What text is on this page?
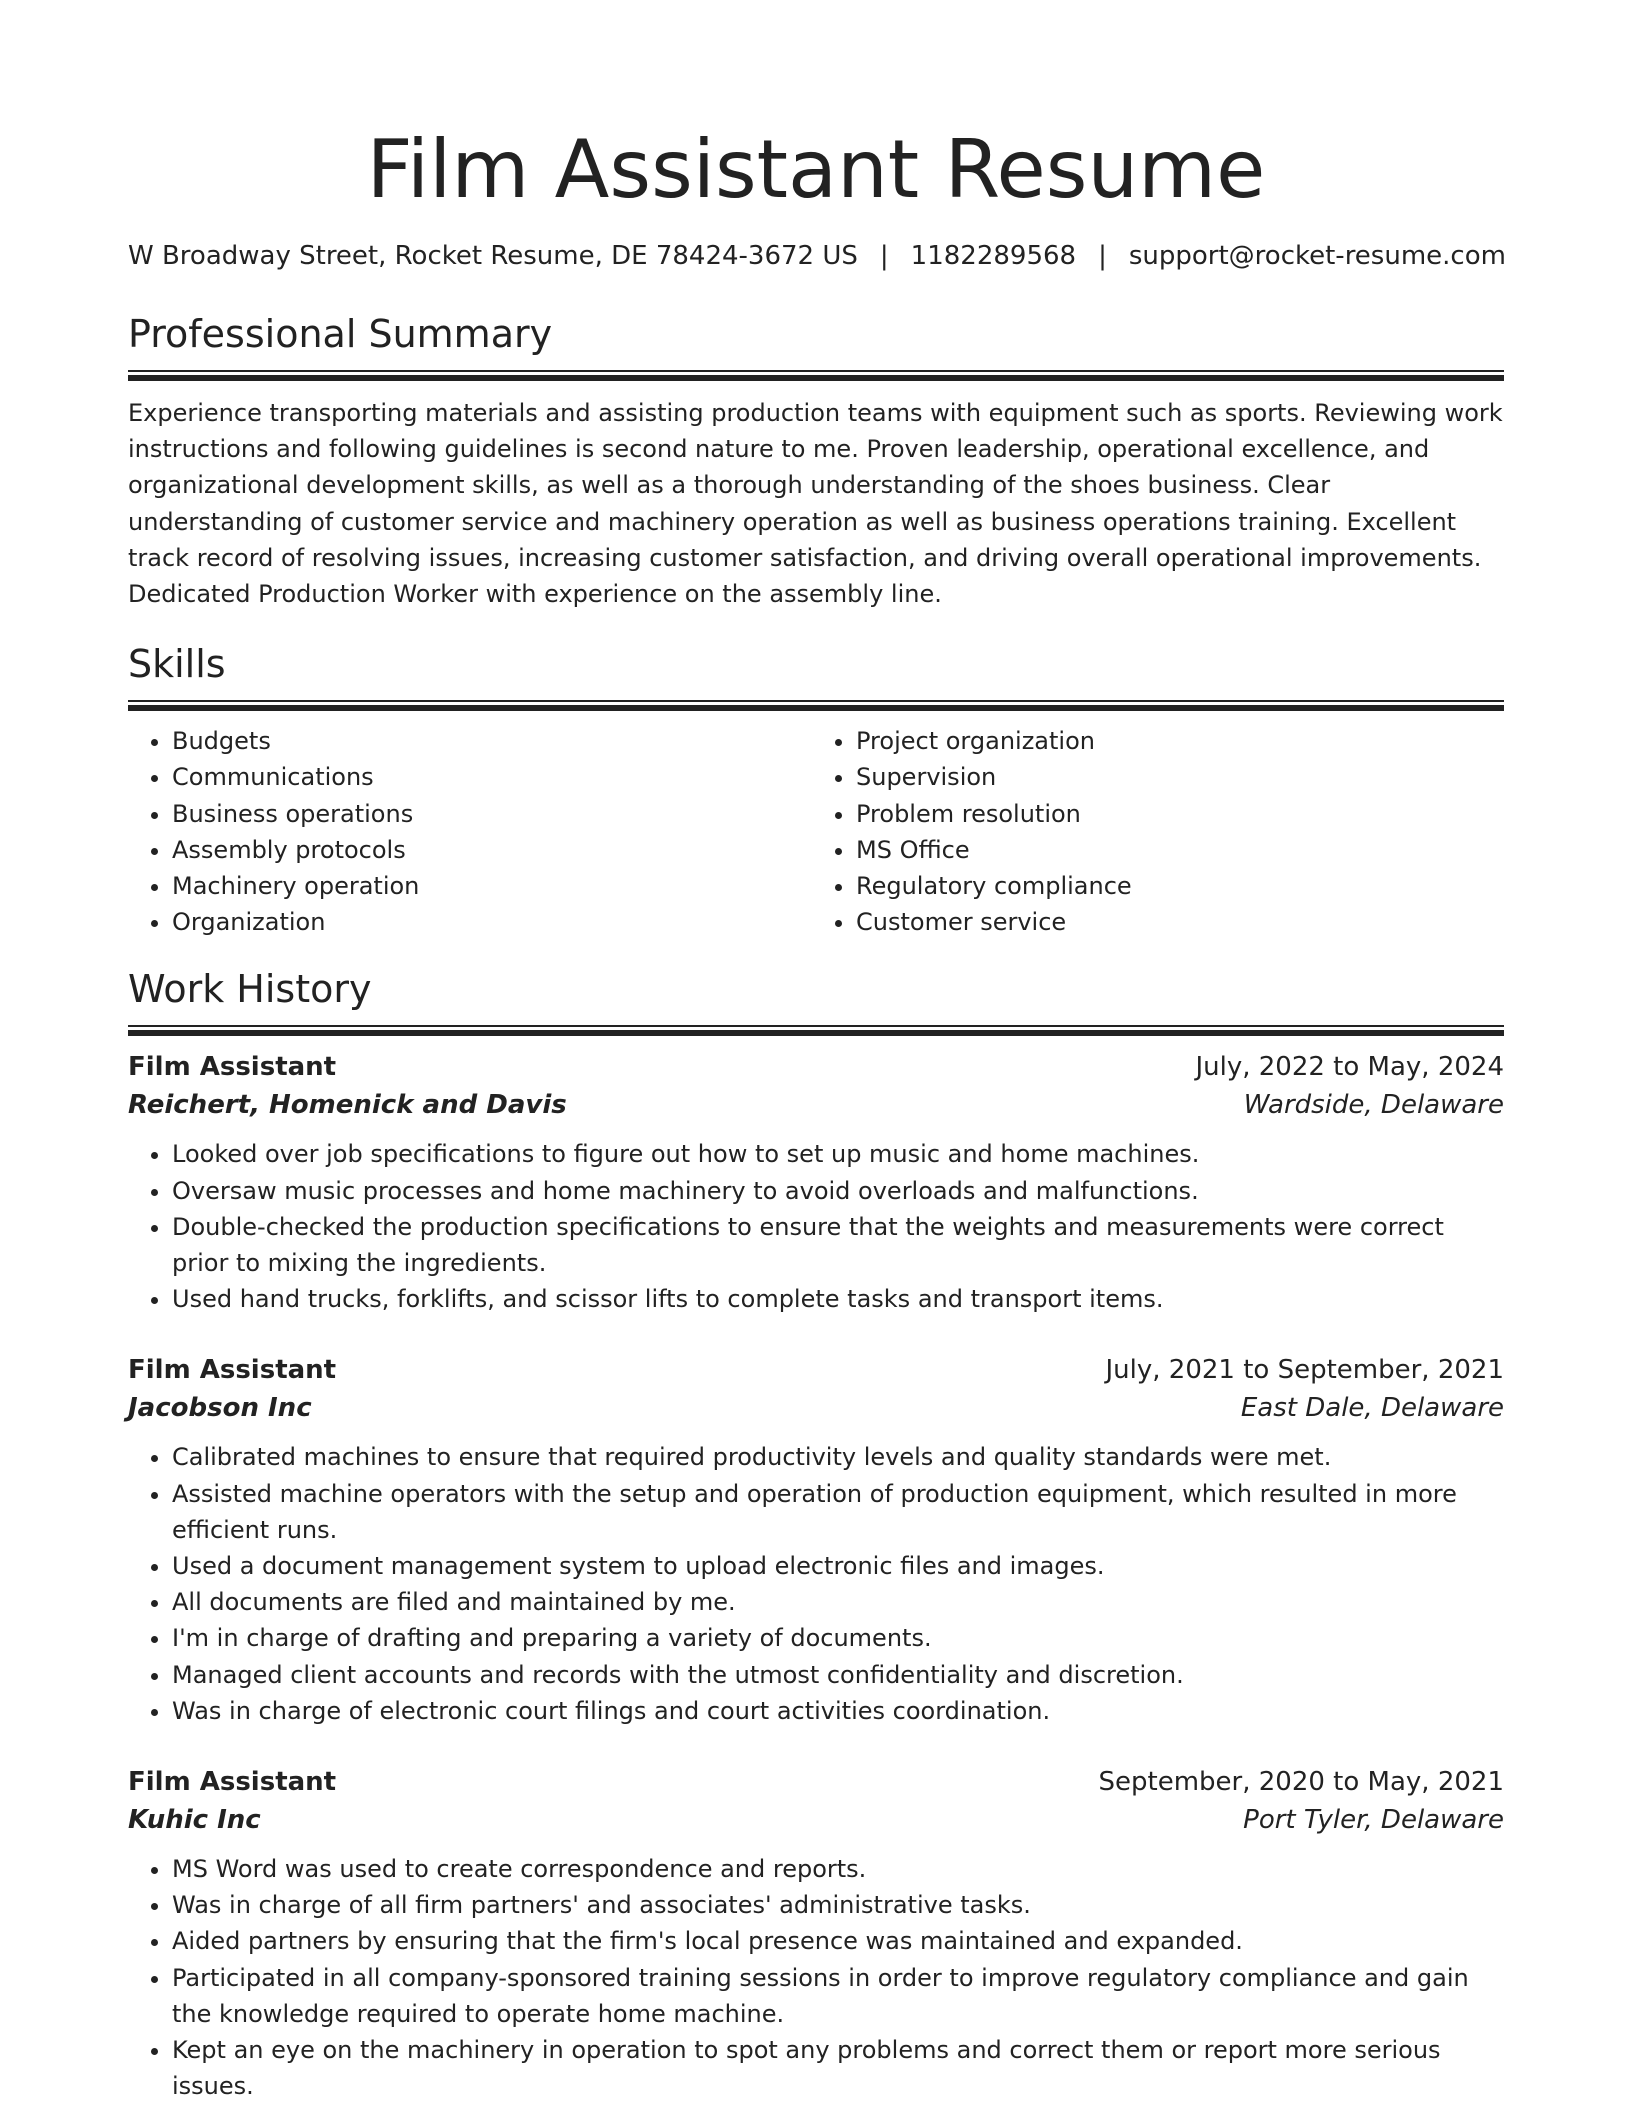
Film Assistant Resume
W Broadway Street, Rocket Resume, DE 78424-3672 US | 1182289568 | support@rocket-resume.com
Professional Summary

Experience transporting materials and assisting production teams with equipment such as sports. Reviewing work instructions and following guidelines is second nature to me. Proven leadership, operational excellence, and organizational development skills, as well as a thorough understanding of the shoes business. Clear understanding of customer service and machinery operation as well as business operations training. Excellent track record of resolving issues, increasing customer satisfaction, and driving overall operational improvements. Dedicated Production Worker with experience on the assembly line.

Skills
• Budgets
• Communications
• Business operations
• Assembly protocols
• Machinery operation
• Organization
• Project organization
• Supervision
• Problem resolution
• MS Office
• Regulatory compliance
• Customer service
Work History
Film Assistant	July, 2022 to May, 2024
Reichert, Homenick and Davis	Wardside, Delaware
• Looked over job specifications to figure out how to set up music and home machines.
• Oversaw music processes and home machinery to avoid overloads and malfunctions.
• Double-checked the production specifications to ensure that the weights and measurements were correct prior to mixing the ingredients.
• Used hand trucks, forklifts, and scissor lifts to complete tasks and transport items.
Film Assistant	July, 2021 to September, 2021
Jacobson Inc	East Dale, Delaware
• Calibrated machines to ensure that required productivity levels and quality standards were met.
• Assisted machine operators with the setup and operation of production equipment, which resulted in more efficient runs.
• Used a document management system to upload electronic files and images.
• All documents are filed and maintained by me.
• I'm in charge of drafting and preparing a variety of documents.
• Managed client accounts and records with the utmost confidentiality and discretion.
• Was in charge of electronic court filings and court activities coordination.
Film Assistant	September, 2020 to May, 2021
Kuhic Inc	Port Tyler, Delaware
• MS Word was used to create correspondence and reports.
• Was in charge of all firm partners' and associates' administrative tasks.
• Aided partners by ensuring that the firm's local presence was maintained and expanded.
• Participated in all company-sponsored training sessions in order to improve regulatory compliance and gain the knowledge required to operate home machine.
• Kept an eye on the machinery in operation to spot any problems and correct them or report more serious issues.
